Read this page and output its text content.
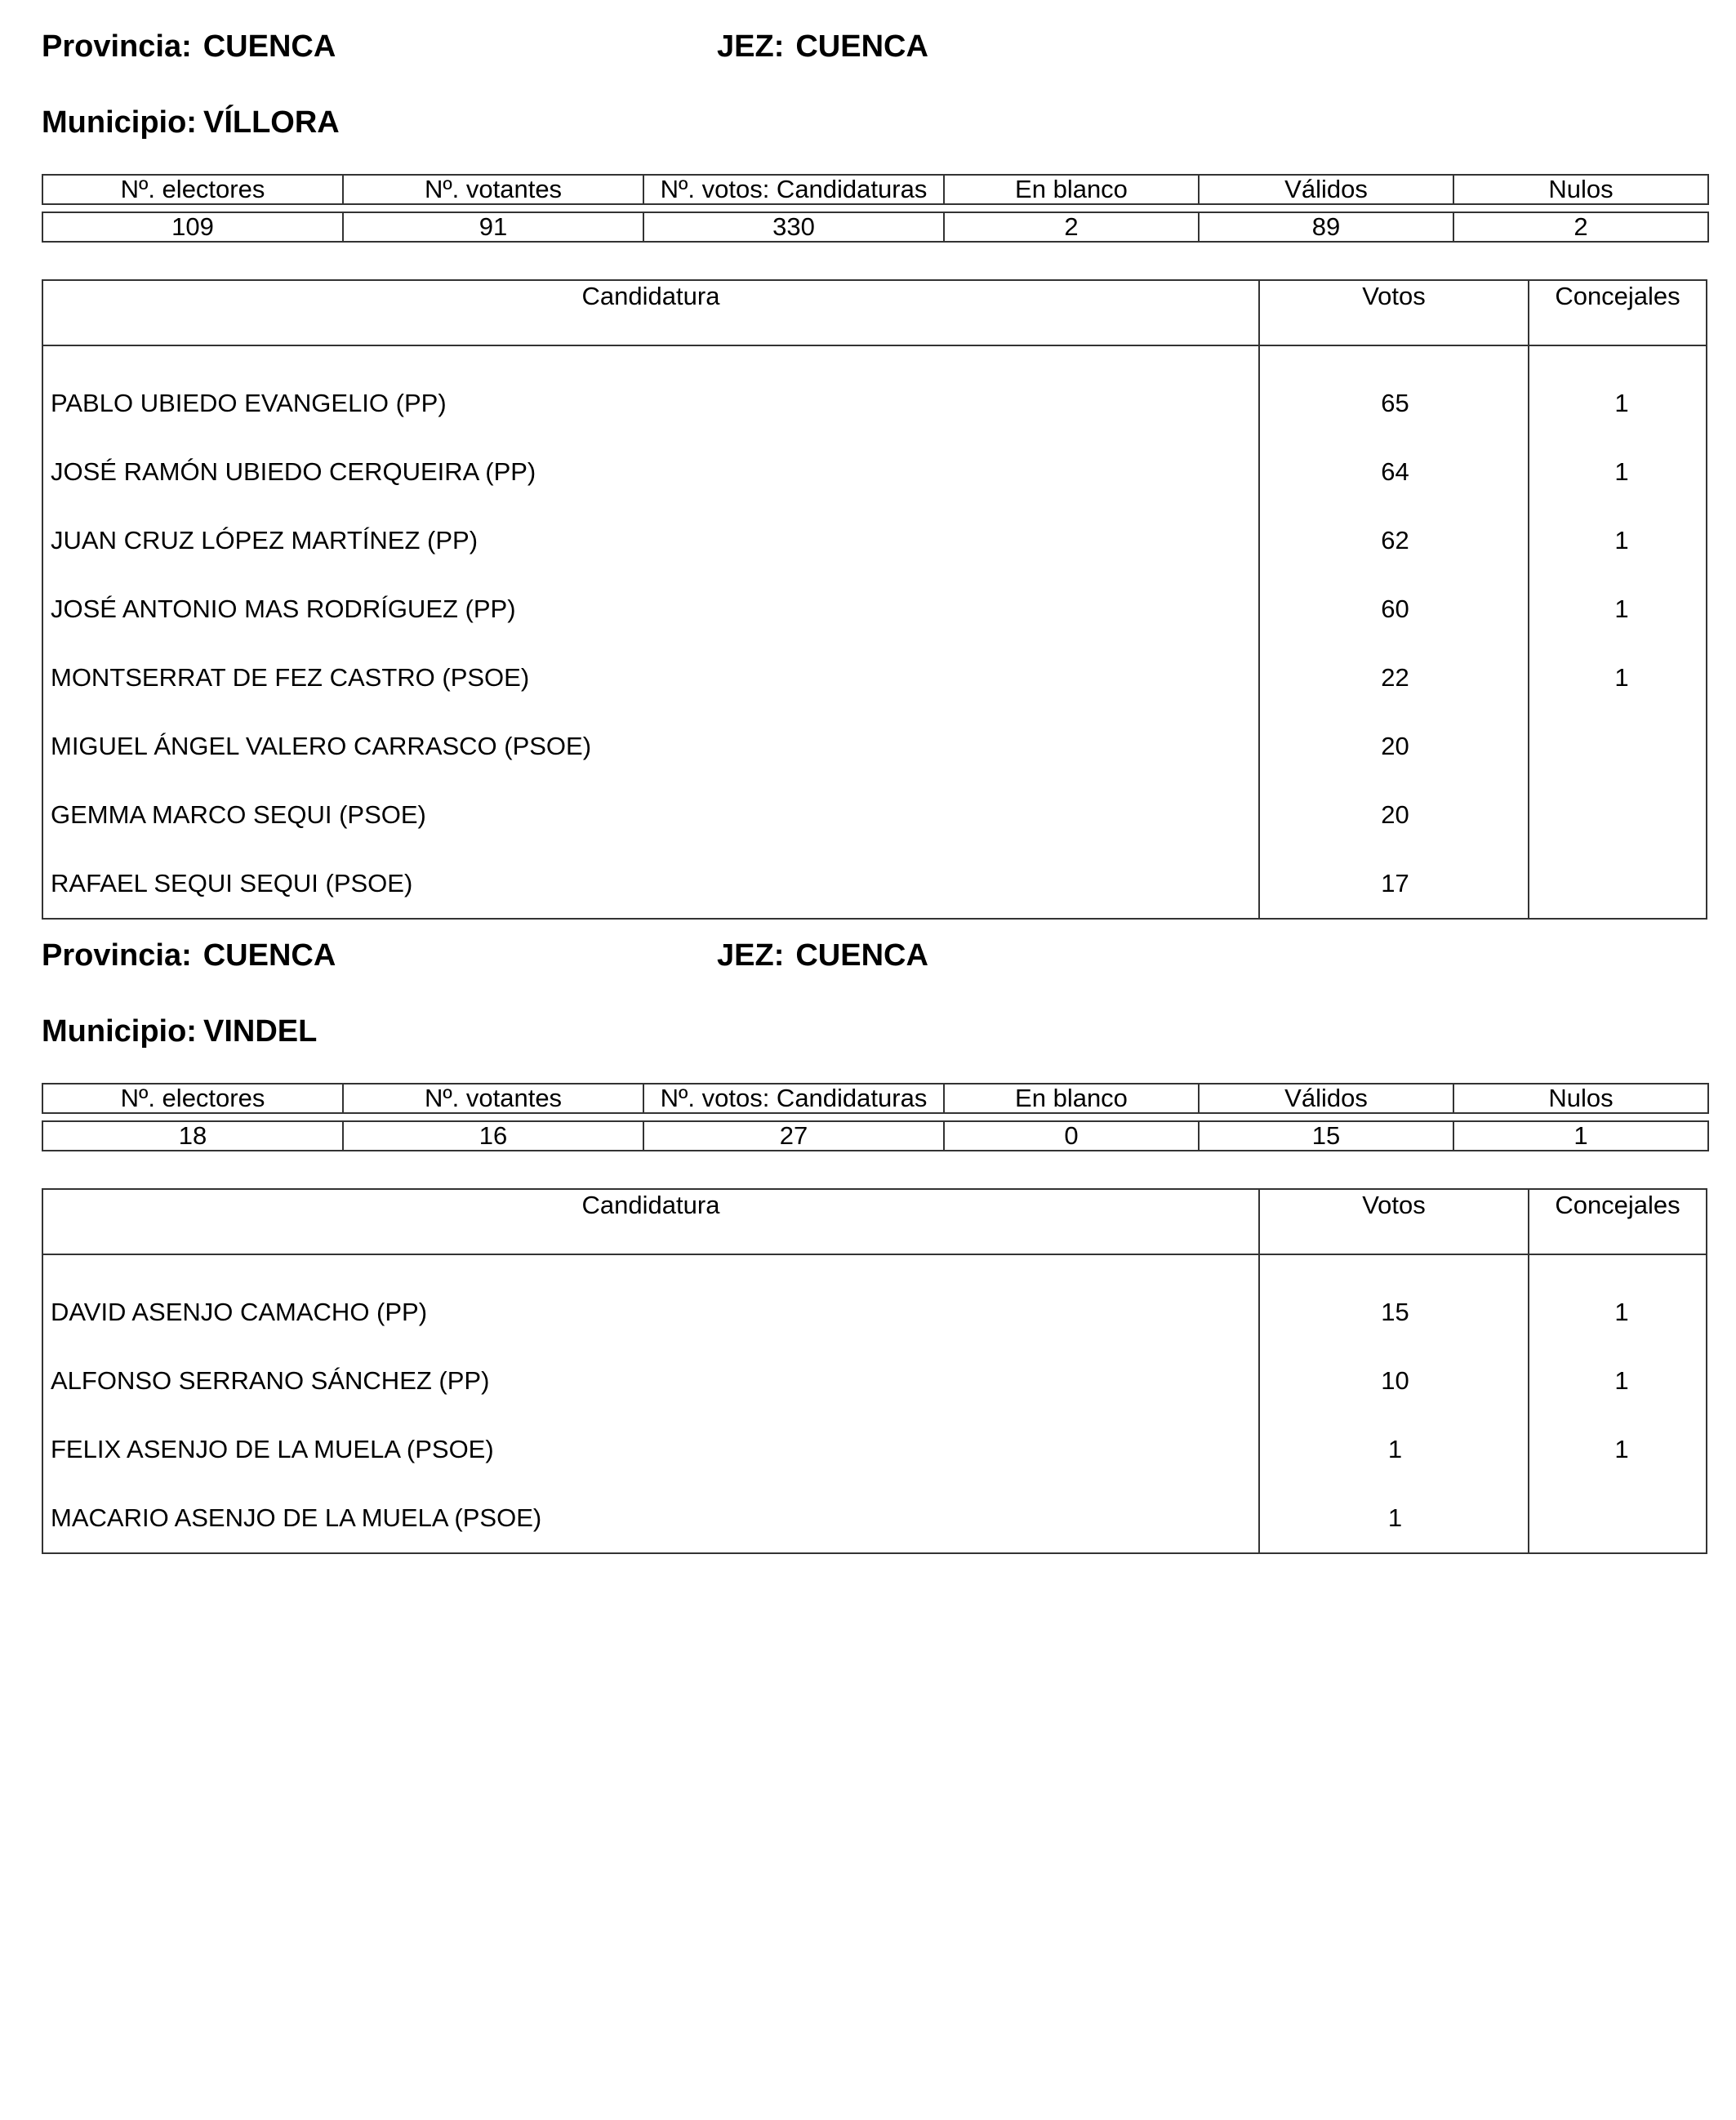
Provincia: CUENCA	JEZ: CUENCA
Municipio: VÍLLORA
Nº. electores	Nº. votantes	Nº. votos: Candidaturas	En blanco	Válidos	Nulos

109	91	330	2	89	2
Candidatura	Votos	Concejales
PABLO UBIEDO EVANGELIO (PP)	65	1
JOSÉ RAMÓN UBIEDO CERQUEIRA (PP)	64	1
JUAN CRUZ LÓPEZ MARTÍNEZ (PP)	62	1
JOSÉ ANTONIO MAS RODRÍGUEZ (PP)	60	1
MONTSERRAT DE FEZ CASTRO (PSOE)	22	1
MIGUEL ÁNGEL VALERO CARRASCO (PSOE)	20
GEMMA MARCO SEQUI (PSOE)	20
RAFAEL SEQUI SEQUI (PSOE)	17
Provincia: CUENCA	JEZ: CUENCA
Municipio: VINDEL
Nº. electores	Nº. votantes	Nº. votos: Candidaturas	En blanco	Válidos	Nulos

18	16	27	0	15	1
Candidatura	Votos	Concejales
DAVID ASENJO CAMACHO (PP)	15	1
ALFONSO SERRANO SÁNCHEZ (PP)	10	1
FELIX ASENJO DE LA MUELA (PSOE)	1	1
MACARIO ASENJO DE LA MUELA (PSOE)	1
